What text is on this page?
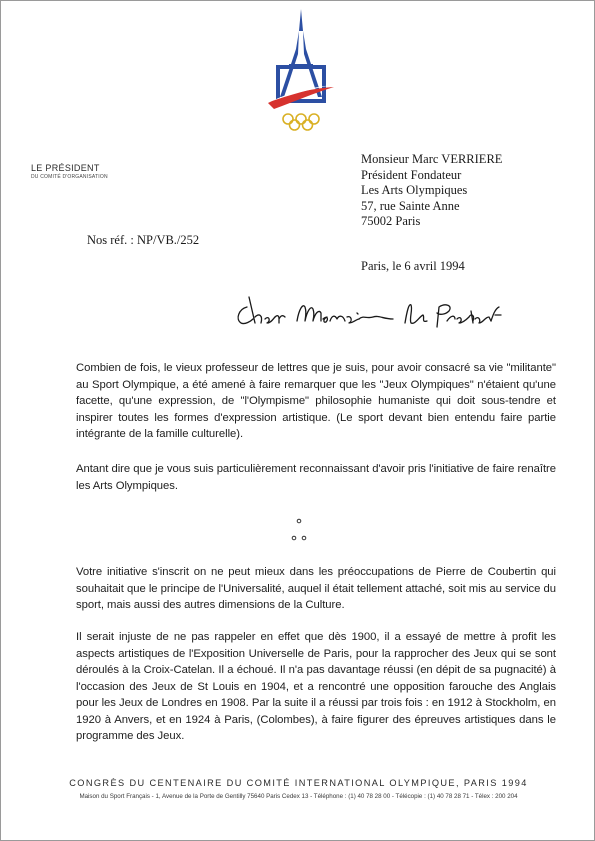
LE PRÉSIDENT
DU COMITÉ D'ORGANISATION
Monsieur Marc VERRIERE
Président Fondateur
Les Arts Olympiques
57, rue Sainte Anne
75002 Paris
Nos réf. : NP/VB./252
Paris, le 6 avril 1994

Combien de fois, le vieux professeur de lettres que je suis, pour avoir consacré sa vie "militante" au Sport Olympique, a été amené à faire remarquer que les "Jeux Olympiques" n'étaient qu'une facette, qu'une expression, de "l'Olympisme" philosophie humaniste qui doit sous-tendre et inspirer toutes les formes d'expression artistique. (Le sport devant bien entendu faire partie intégrante de la famille culturelle).

Antant dire que je vous suis particulièrement reconnaissant d'avoir pris l'initiative de faire renaître les Arts Olympiques.

Votre initiative s'inscrit on ne peut mieux dans les préoccupations de Pierre de Coubertin qui souhaitait que le principe de l'Universalité, auquel il était tellement attaché, soit mis au service du sport, mais aussi des autres dimensions de la Culture.

Il serait injuste de ne pas rappeler en effet que dès 1900, il a essayé de mettre à profit les aspects artistiques de l'Exposition Universelle de Paris, pour la rapprocher des Jeux qui se sont déroulés à la Croix-Catelan. Il a échoué. Il n'a pas davantage réussi (en dépit de sa pugnacité) à l'occasion des Jeux de St Louis en 1904, et a rencontré une opposition farouche des Anglais pour les Jeux de Londres en 1908. Par la suite il a réussi par trois fois : en 1912 à Stockholm, en 1920 à Anvers, et en 1924 à Paris, (Colombes), à faire figurer des épreuves artistiques dans le programme des Jeux.

CONGRÈS DU CENTENAIRE DU COMITÉ INTERNATIONAL OLYMPIQUE, PARIS 1994
Maison du Sport Français - 1, Avenue de la Porte de Gentilly 75640 Paris Cedex 13 - Téléphone : (1) 40 78 28 00 - Télécopie : (1) 40 78 28 71 - Télex : 200 204
